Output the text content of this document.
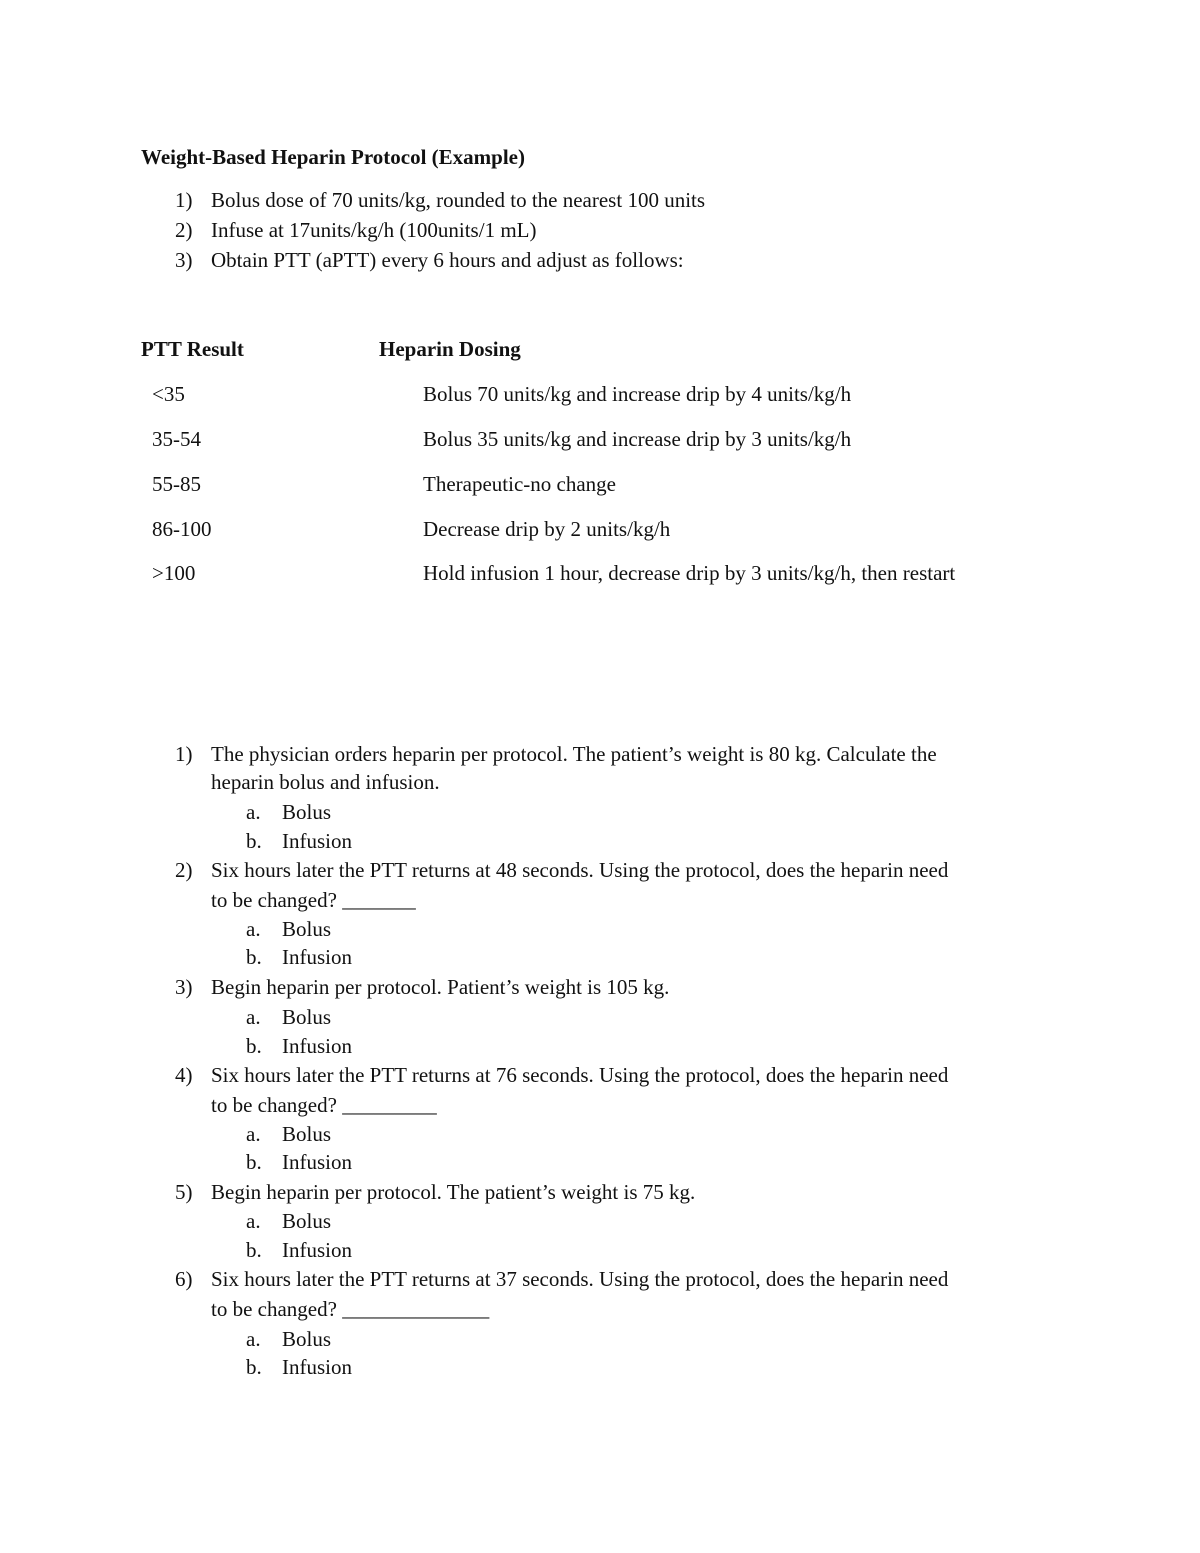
Weight-Based Heparin Protocol (Example)
1) Bolus dose of 70 units/kg, rounded to the nearest 100 units
2) Infuse at 17units/kg/h (100units/1 mL)
3) Obtain PTT (aPTT) every 6 hours and adjust as follows:
PTT Result	Heparin Dosing
<35	Bolus 70 units/kg and increase drip by 4 units/kg/h
35-54	Bolus 35 units/kg and increase drip by 3 units/kg/h
55-85	Therapeutic-no change
86-100	Decrease drip by 2 units/kg/h
>100	Hold infusion 1 hour, decrease drip by 3 units/kg/h, then restart
1) The physician orders heparin per protocol. The patient’s weight is 80 kg. Calculate the
heparin bolus and infusion.
a. Bolus
b. Infusion
2) Six hours later the PTT returns at 48 seconds. Using the protocol, does the heparin need
to be changed? _______
a. Bolus
b. Infusion
3) Begin heparin per protocol. Patient’s weight is 105 kg.
a. Bolus
b. Infusion
4) Six hours later the PTT returns at 76 seconds. Using the protocol, does the heparin need
to be changed? _________
a. Bolus
b. Infusion
5) Begin heparin per protocol. The patient’s weight is 75 kg.
a. Bolus
b. Infusion
6) Six hours later the PTT returns at 37 seconds. Using the protocol, does the heparin need
to be changed? ______________
a. Bolus
b. Infusion
